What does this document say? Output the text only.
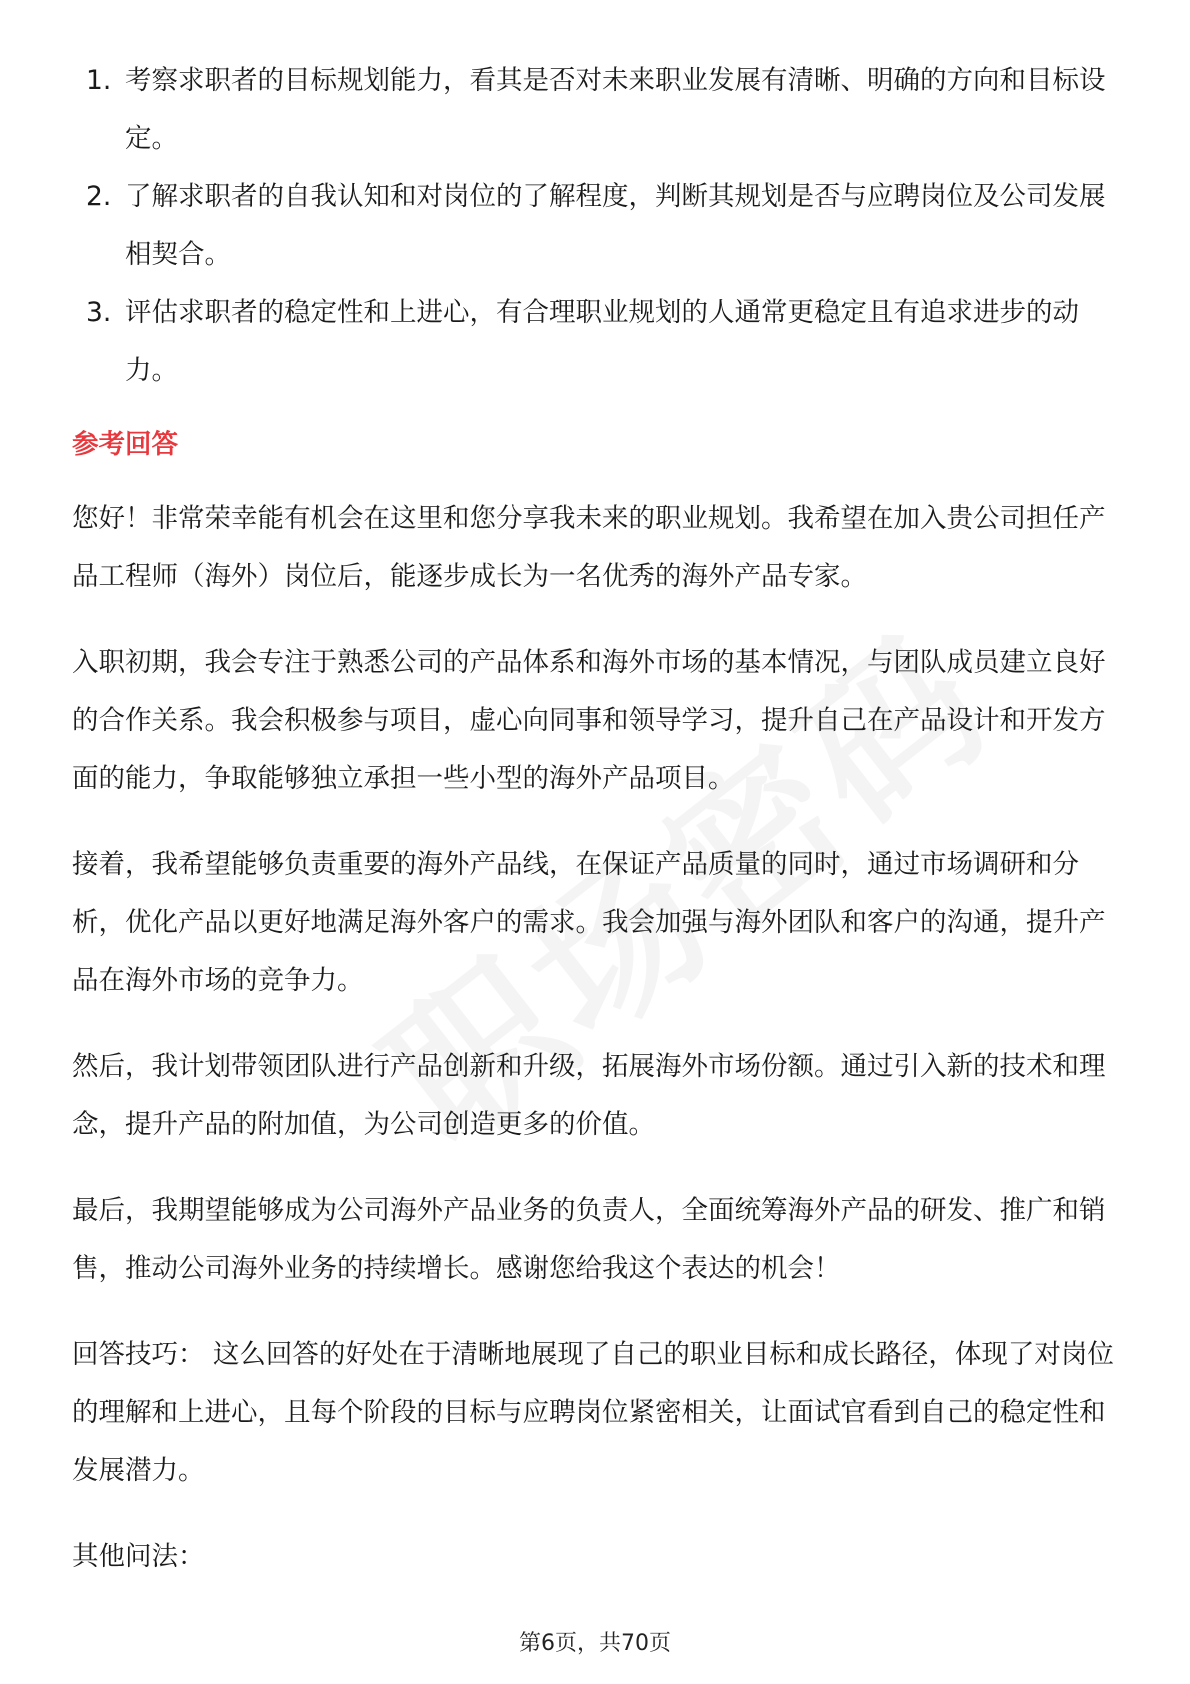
1. 考察求职者的目标规划能力，看其是否对未来职业发展有清晰、明确的方向和目标设定。
2. 了解求职者的自我认知和对岗位的了解程度，判断其规划是否与应聘岗位及公司发展相契合。
3. 评估求职者的稳定性和上进心，有合理职业规划的人通常更稳定且有追求进步的动力。
参考回答

您好！非常荣幸能有机会在这里和您分享我未来的职业规划。我希望在加入贵公司担任产品工程师（海外）岗位后，能逐步成长为一名优秀的海外产品专家。

入职初期，我会专注于熟悉公司的产品体系和海外市场的基本情况，与团队成员建立良好的合作关系。我会积极参与项目，虚心向同事和领导学习，提升自己在产品设计和开发方面的能力，争取能够独立承担一些小型的海外产品项目。

接着，我希望能够负责重要的海外产品线，在保证产品质量的同时，通过市场调研和分析，优化产品以更好地满足海外客户的需求。我会加强与海外团队和客户的沟通，提升产品在海外市场的竞争力。

然后，我计划带领团队进行产品创新和升级，拓展海外市场份额。通过引入新的技术和理念，提升产品的附加值，为公司创造更多的价值。

最后，我期望能够成为公司海外产品业务的负责人，全面统筹海外产品的研发、推广和销售，推动公司海外业务的持续增长。感谢您给我这个表达的机会！

回答技巧： 这么回答的好处在于清晰地展现了自己的职业目标和成长路径，体现了对岗位的理解和上进心，且每个阶段的目标与应聘岗位紧密相关，让面试官看到自己的稳定性和发展潜力。

其他问法：

第6页，共70页
